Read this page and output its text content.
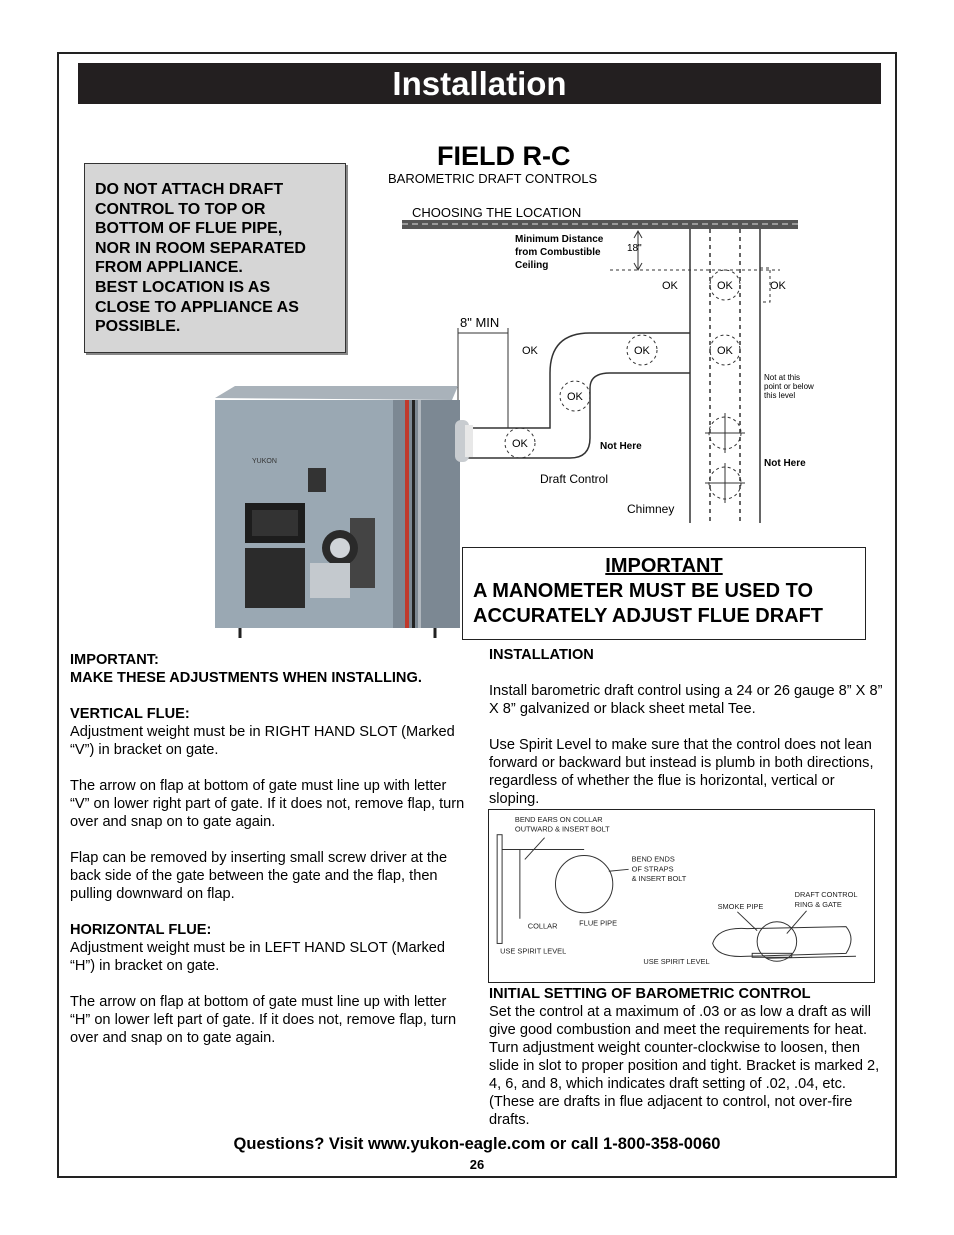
Installation
FIELD R-C
BAROMETRIC DRAFT CONTROLS
CHOOSING THE LOCATION
Minimum Distance
from Combustible
Ceiling
18"
8" MIN
OK
OK
OK
OK	OK
OK
OK	OK
Not Here
Not Here
Not at this
point or below
this level
Draft Control
Chimney
YUKON
DO NOT ATTACH DRAFT
CONTROL TO TOP OR
BOTTOM OF FLUE PIPE,
NOR IN ROOM SEPARATED
FROM APPLIANCE.
BEST LOCATION IS AS
CLOSE TO APPLIANCE AS
POSSIBLE.
IMPORTANT
A MANOMETER MUST BE USED TO
ACCURATELY ADJUST FLUE DRAFT
IMPORTANT:

MAKE THESE ADJUSTMENTS WHEN INSTALLING.

VERTICAL FLUE:

Adjustment weight must be in RIGHT HAND SLOT (Marked “V”) in bracket on gate.

The arrow on flap at bottom of gate must line up with letter “V” on lower right part of gate. If it does not, remove flap, turn over and snap on to gate again.

Flap can be removed by inserting small screw driver at the back side of the gate between the gate and the flap, then pulling downward on flap.

HORIZONTAL FLUE:

Adjustment weight must be in LEFT HAND SLOT (Marked “H”) in bracket on gate.

The arrow on flap at bottom of gate must line up with letter “H” on lower left part of gate. If it does not, remove flap, turn over and snap on to gate again.

INSTALLATION

Install barometric draft control using a 24 or 26 gauge 8” X 8” X 8” galvanized or black sheet metal Tee.

Use Spirit Level to make sure that the control does not lean forward or backward but instead is plumb in both directions, regardless of whether the flue is horizontal, vertical or sloping.

BEND EARS ON COLLAR
OUTWARD & INSERT BOLT
BEND ENDS
OF STRAPS
& INSERT BOLT
COLLAR	FLUE PIPE
USE SPIRIT LEVEL
SMOKE PIPE
DRAFT CONTROL
RING & GATE
USE SPIRIT LEVEL
INITIAL SETTING OF BAROMETRIC CONTROL
Set the control at a maximum of .03 or as low a draft as will give good combustion and meet the requirements for heat. Turn adjustment weight counter-clockwise to loosen, then slide in slot to proper position and tight. Bracket is marked 2, 4, 6, and 8, which indicates draft setting of .02, .04, etc. (These are drafts in flue adjacent to control, not over-fire drafts.
Questions? Visit www.yukon-eagle.com or call 1-800-358-0060
26
